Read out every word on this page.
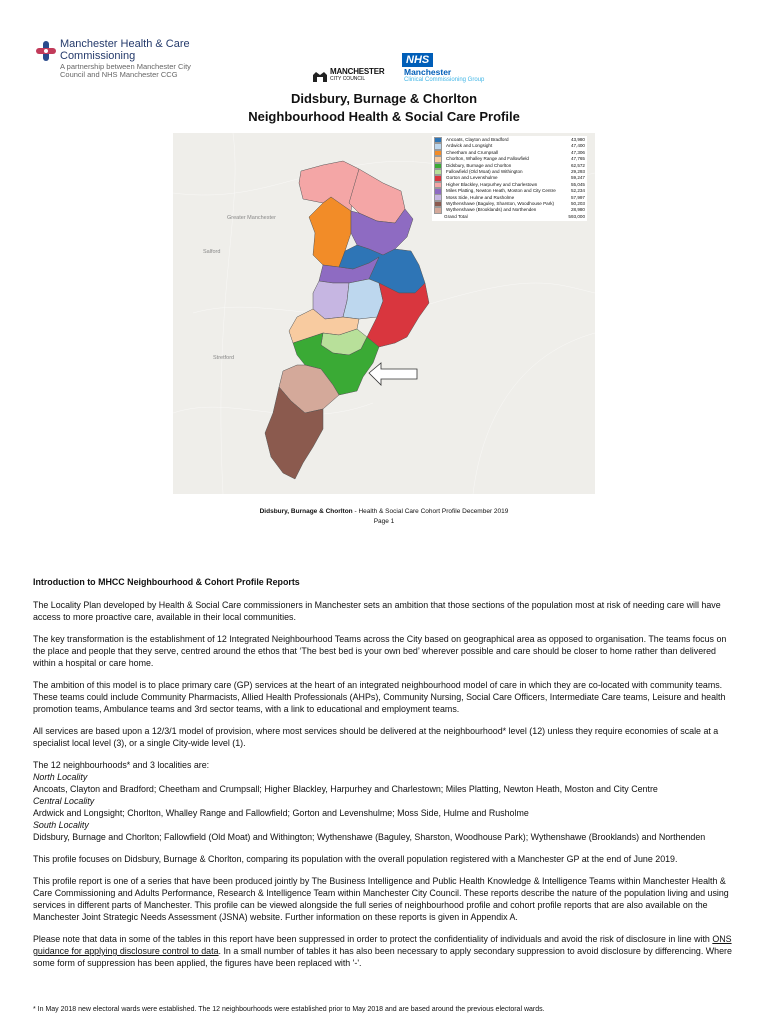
Manchester Health & Care
Commissioning
A partnership between Manchester City Council and NHS Manchester CCG	MANCHESTER
CITY COUNCIL
NHS
Manchester
Clinical Commissioning Group
Didsbury, Burnage & Chorlton
Neighbourhood Health & Social Care Profile
Greater Manchester
Salford
Stretford
Ancoats, Clayton and Bradford	43,980
Ardwick and Longsight	47,400
Cheetham and Crumpsall	47,306
Chorlton, Whalley Range and Fallowfield	47,765
Didsbury, Burnage and Chorlton	62,572
Fallowfield (Old Moat) and Withington	29,293
Gorton and Levenshulme	59,247
Higher Blackley, Harpurhey and Charlestown	55,045
Miles Platting, Newton Heath, Moston and City Centre	52,234
Moss Side, Hulme and Rusholme	57,997
Wythenshawe (Baguley, Sharston, Woodhouse Park)	50,203
Wythenshawe (Brooklands) and Northenden	28,980
Grand Total	593,000
Didsbury, Burnage & Chorlton - Health & Social Care Cohort Profile December 2019
Page 1

Introduction to MHCC Neighbourhood & Cohort Profile Reports

The Locality Plan developed by Health & Social Care commissioners in Manchester sets an ambition that those sections of the population most at risk of needing care will have access to more proactive care, available in their local communities.

The key transformation is the establishment of 12 Integrated Neighbourhood Teams across the City based on geographical area as opposed to organisation. The teams focus on the place and people that they serve, centred around the ethos that ‘The best bed is your own bed’ wherever possible and care should be closer to home rather than delivered within a hospital or care home.

The ambition of this model is to place primary care (GP) services at the heart of an integrated neighbourhood model of care in which they are co-located with community teams. These teams could include Community Pharmacists, Allied Health Professionals (AHPs), Community Nursing, Social Care Officers, Intermediate Care teams, Leisure and health promotion teams, Ambulance teams and 3rd sector teams, with a link to educational and employment teams.

All services are based upon a 12/3/1 model of provision, where most services should be delivered at the neighbourhood* level (12) unless they require economies of scale at a specialist local level (3), or a single City-wide level (1).

The 12 neighbourhoods* and 3 localities are:
North Locality
Ancoats, Clayton and Bradford; Cheetham and Crumpsall; Higher Blackley, Harpurhey and Charlestown; Miles Platting, Newton Heath, Moston and City Centre
Central Locality
Ardwick and Longsight; Chorlton, Whalley Range and Fallowfield; Gorton and Levenshulme; Moss Side, Hulme and Rusholme
South Locality
Didsbury, Burnage and Chorlton; Fallowfield (Old Moat) and Withington; Wythenshawe (Baguley, Sharston, Woodhouse Park); Wythenshawe (Brooklands) and Northenden

This profile focuses on Didsbury, Burnage & Chorlton, comparing its population with the overall population registered with a Manchester GP at the end of June 2019.

This profile report is one of a series that have been produced jointly by The Business Intelligence and Public Health Knowledge & Intelligence Teams within Manchester Health & Care Commissioning and Adults Performance, Research & Intelligence Team within Manchester City Council. These reports describe the nature of the population living and using services in different parts of Manchester. This profile can be viewed alongside the full series of neighbourhood profile and cohort profile reports that are also available on the Manchester Joint Strategic Needs Assessment (JSNA) website. Further information on these reports is given in Appendix A.

Please note that data in some of the tables in this report have been suppressed in order to protect the confidentiality of individuals and avoid the risk of disclosure in line with ONS guidance for applying disclosure control to data. In a small number of tables it has also been necessary to apply secondary suppression to avoid disclosure by differencing. Where some form of suppression has been applied, the figures have been replaced with '-'.

* In May 2018 new electoral wards were established. The 12 neighbourhoods were established prior to May 2018 and are based around the previous electoral wards.
